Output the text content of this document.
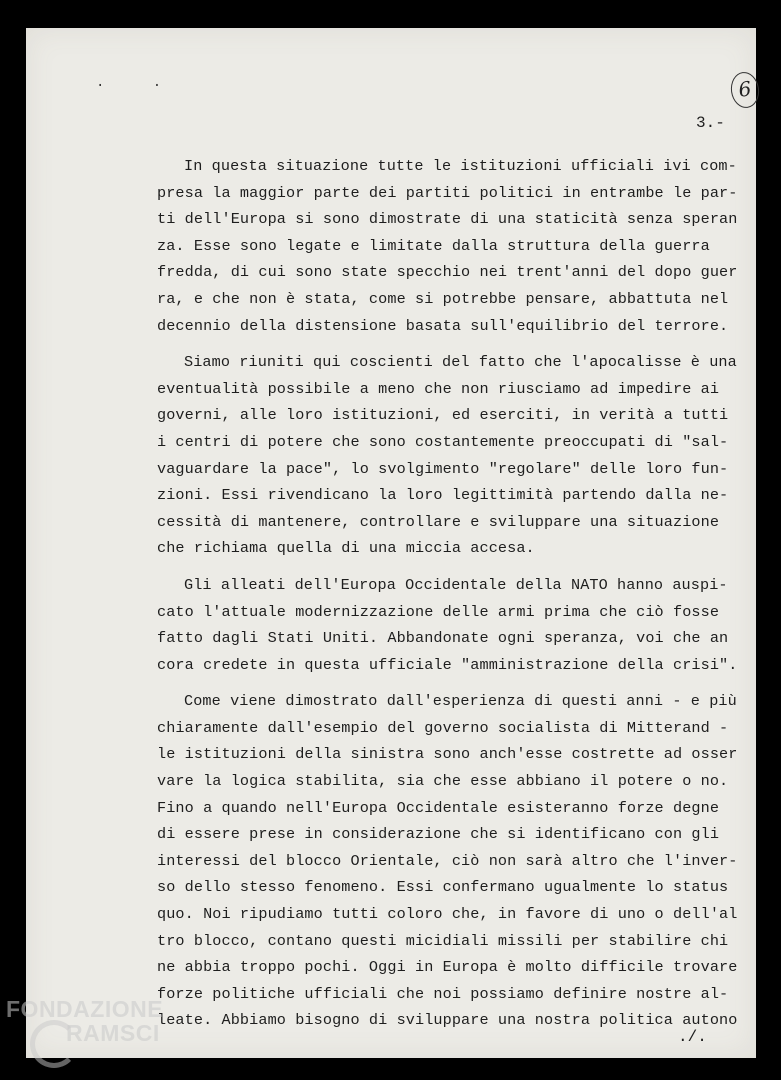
· ·	6
3.-
In questa situazione tutte le istituzioni ufficiali ivi com-
presa la maggior parte dei partiti politici in entrambe le par-
ti dell'Europa si sono dimostrate di una staticità senza speran
za. Esse sono legate e limitate dalla struttura della guerra
fredda, di cui sono state specchio nei trent'anni del dopo guer
ra, e che non è stata, come si potrebbe pensare, abbattuta nel
decennio della distensione basata sull'equilibrio del terrore.
Siamo riuniti qui coscienti del fatto che l'apocalisse è una
eventualità possibile a meno che non riusciamo ad impedire ai
governi, alle loro istituzioni, ed eserciti, in verità a tutti
i centri di potere che sono costantemente preoccupati di "sal-
vaguardare la pace", lo svolgimento "regolare" delle loro fun-
zioni. Essi rivendicano la loro legittimità partendo dalla ne-
cessità di mantenere, controllare e sviluppare una situazione
che richiama quella di una miccia accesa.
Gli alleati dell'Europa Occidentale della NATO hanno auspi-
cato l'attuale modernizzazione delle armi prima che ciò fosse
fatto dagli Stati Uniti. Abbandonate ogni speranza, voi che an
cora credete in questa ufficiale "amministrazione della crisi".
Come viene dimostrato dall'esperienza di questi anni - e più
chiaramente dall'esempio del governo socialista di Mitterand -
le istituzioni della sinistra sono anch'esse costrette ad osser
vare la logica stabilita, sia che esse abbiano il potere o no.
Fino a quando nell'Europa Occidentale esisteranno forze degne
di essere prese in considerazione che si identificano con gli
interessi del blocco Orientale, ciò non sarà altro che l'inver-
so dello stesso fenomeno. Essi confermano ugualmente lo status
quo. Noi ripudiamo tutti coloro che, in favore di uno o dell'al
tro blocco, contano questi micidiali missili per stabilire chi
ne abbia troppo pochi. Oggi in Europa è molto difficile trovare
forze politiche ufficiali che noi possiamo definire nostre al-
leate. Abbiamo bisogno di sviluppare una nostra politica autono
./.
FONDAZIONE
RAMSCI
